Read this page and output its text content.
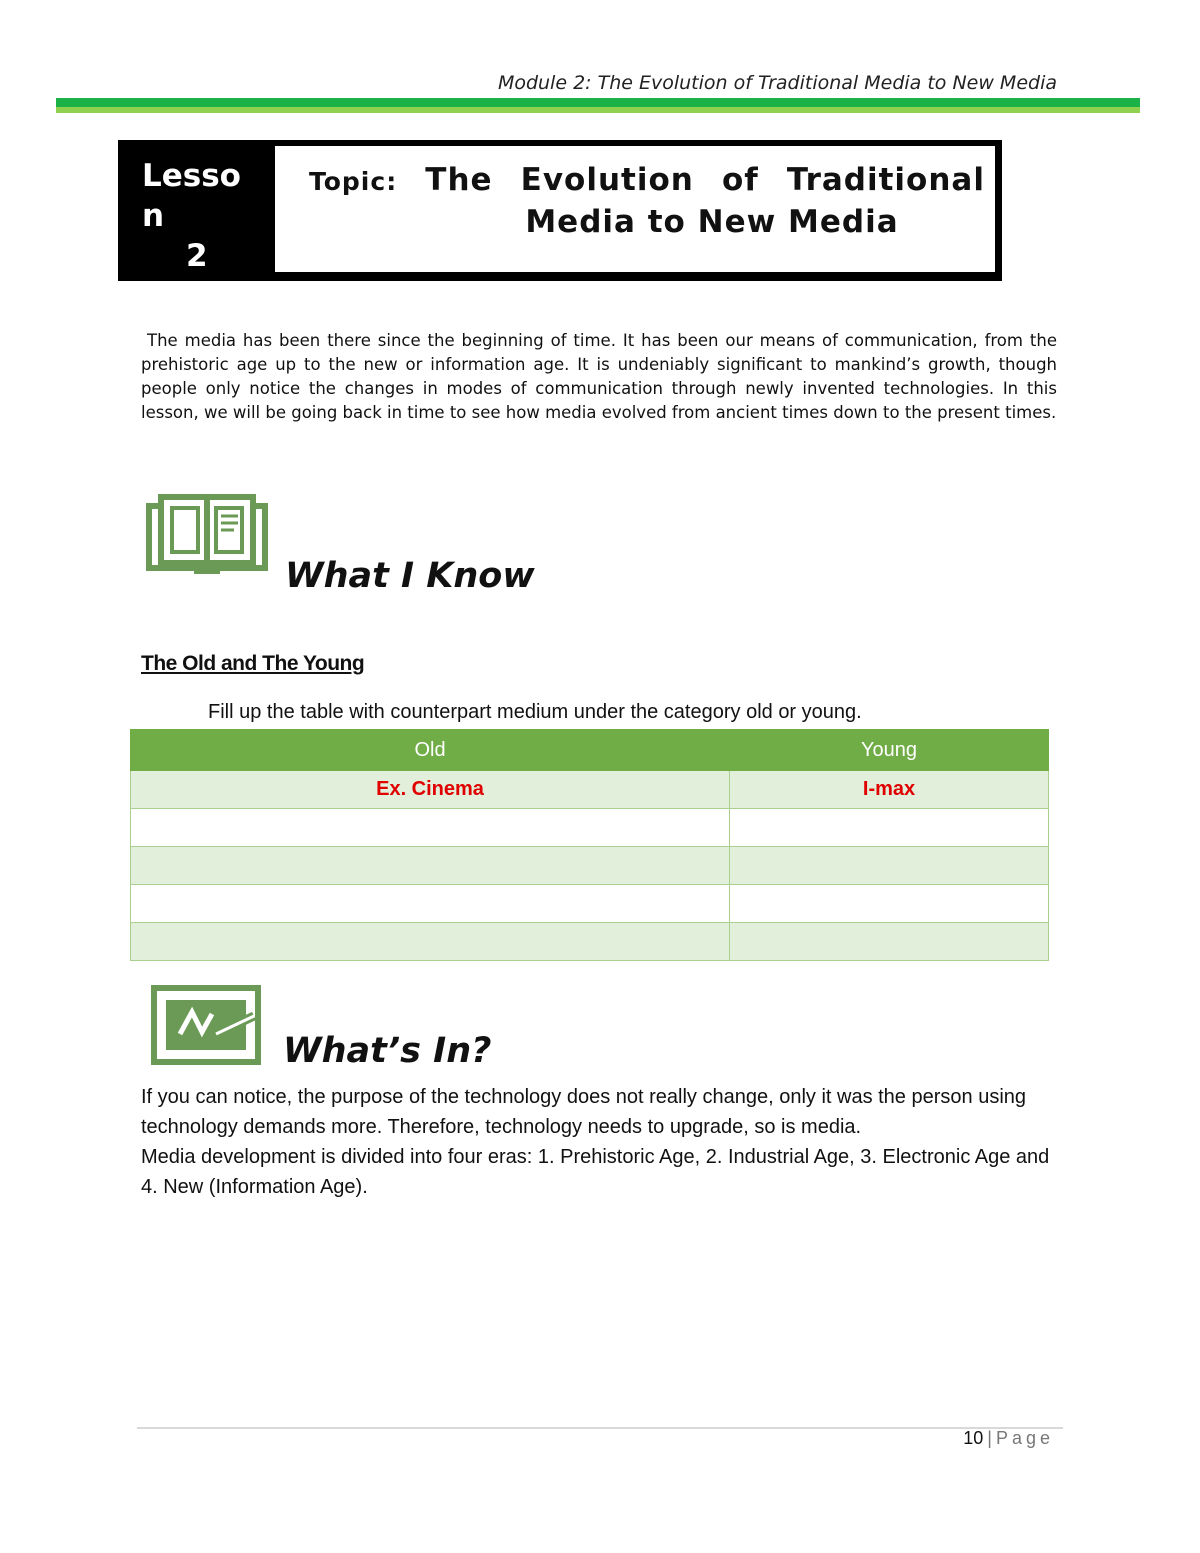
Module 2: The Evolution of Traditional Media to New Media
Lesso
n
2
Topic: The Evolution of Traditional
Media to New Media
The media has been there since the beginning of time. It has been our means of communication, from the prehistoric age up to the new or information age. It is undeniably significant to mankind’s growth, though people only notice the changes in modes of communication through newly invented technologies. In this lesson, we will be going back in time to see how media evolved from ancient times down to the present times.
What I Know
The Old and The Young
Fill up the table with counterpart medium under the category old or young.
Old	Young
Ex. Cinema	I-max

What’s In?

If you can notice, the purpose of the technology does not really change, only it was the person using technology demands more. Therefore, technology needs to upgrade, so is media.

Media development is divided into four eras: 1. Prehistoric Age, 2. Industrial Age, 3. Electronic Age and 4. New (Information Age).

10 | Page
